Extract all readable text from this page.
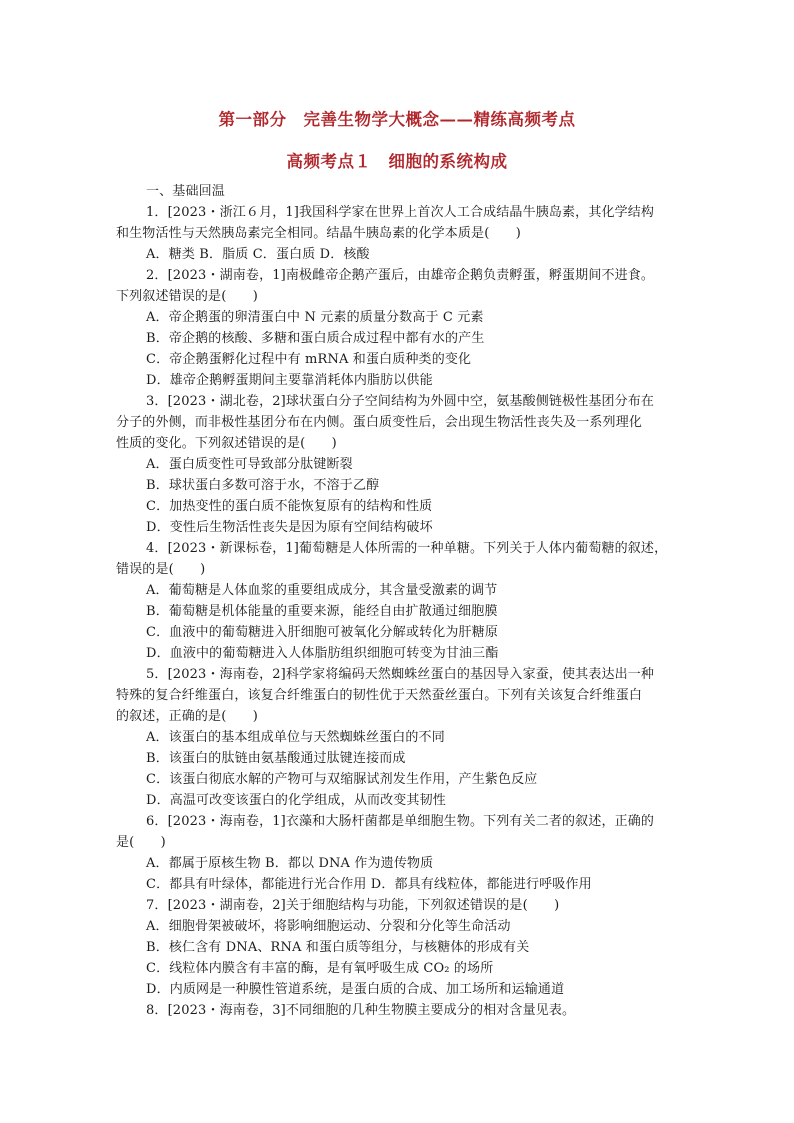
第一部分　完善生物学大概念——精练高频考点
高频考点１　细胞的系统构成
一、基础回温
1．[2023・浙江６月，1]我国科学家在世界上首次人工合成结晶牛胰岛素，其化学结构
和生物活性与天然胰岛素完全相同。结晶牛胰岛素的化学本质是(　　)
A．糖类 B．脂质 C．蛋白质 D．核酸
2．[2023・湖南卷，1]南极雌帝企鹅产蛋后，由雄帝企鹅负责孵蛋，孵蛋期间不进食。
下列叙述错误的是(　　)
A．帝企鹅蛋的卵清蛋白中 N 元素的质量分数高于 C 元素
B．帝企鹅的核酸、多糖和蛋白质合成过程中都有水的产生
C．帝企鹅蛋孵化过程中有 mRNA 和蛋白质种类的变化
D．雄帝企鹅孵蛋期间主要靠消耗体内脂肪以供能
3．[2023・湖北卷，2]球状蛋白分子空间结构为外圆中空，氨基酸侧链极性基团分布在
分子的外侧，而非极性基团分布在内侧。蛋白质变性后，会出现生物活性丧失及一系列理化
性质的变化。下列叙述错误的是(　　)
A．蛋白质变性可导致部分肽键断裂
B．球状蛋白多数可溶于水，不溶于乙醇
C．加热变性的蛋白质不能恢复原有的结构和性质
D．变性后生物活性丧失是因为原有空间结构破坏
4．[2023・新课标卷，1]葡萄糖是人体所需的一种单糖。下列关于人体内葡萄糖的叙述，
错误的是(　　)
A．葡萄糖是人体血浆的重要组成成分，其含量受激素的调节
B．葡萄糖是机体能量的重要来源，能经自由扩散通过细胞膜
C．血液中的葡萄糖进入肝细胞可被氧化分解或转化为肝糖原
D．血液中的葡萄糖进入人体脂肪组织细胞可转变为甘油三酯
5．[2023・海南卷，2]科学家将编码天然蜘蛛丝蛋白的基因导入家蚕，使其表达出一种
特殊的复合纤维蛋白，该复合纤维蛋白的韧性优于天然蚕丝蛋白。下列有关该复合纤维蛋白
的叙述，正确的是(　　)
A．该蛋白的基本组成单位与天然蜘蛛丝蛋白的不同
B．该蛋白的肽链由氨基酸通过肽键连接而成
C．该蛋白彻底水解的产物可与双缩脲试剂发生作用，产生紫色反应
D．高温可改变该蛋白的化学组成，从而改变其韧性
6．[2023・海南卷，1]衣藻和大肠杆菌都是单细胞生物。下列有关二者的叙述，正确的
是(　　)
A．都属于原核生物 B．都以 DNA 作为遗传物质
C．都具有叶绿体，都能进行光合作用 D．都具有线粒体，都能进行呼吸作用
7．[2023・湖南卷，2]关于细胞结构与功能，下列叙述错误的是(　　)
A．细胞骨架被破坏，将影响细胞运动、分裂和分化等生命活动
B．核仁含有 DNA、RNA 和蛋白质等组分，与核糖体的形成有关
C．线粒体内膜含有丰富的酶，是有氧呼吸生成 CO₂ 的场所
D．内质网是一种膜性管道系统，是蛋白质的合成、加工场所和运输通道
8．[2023・海南卷，3]不同细胞的几种生物膜主要成分的相对含量见表。
